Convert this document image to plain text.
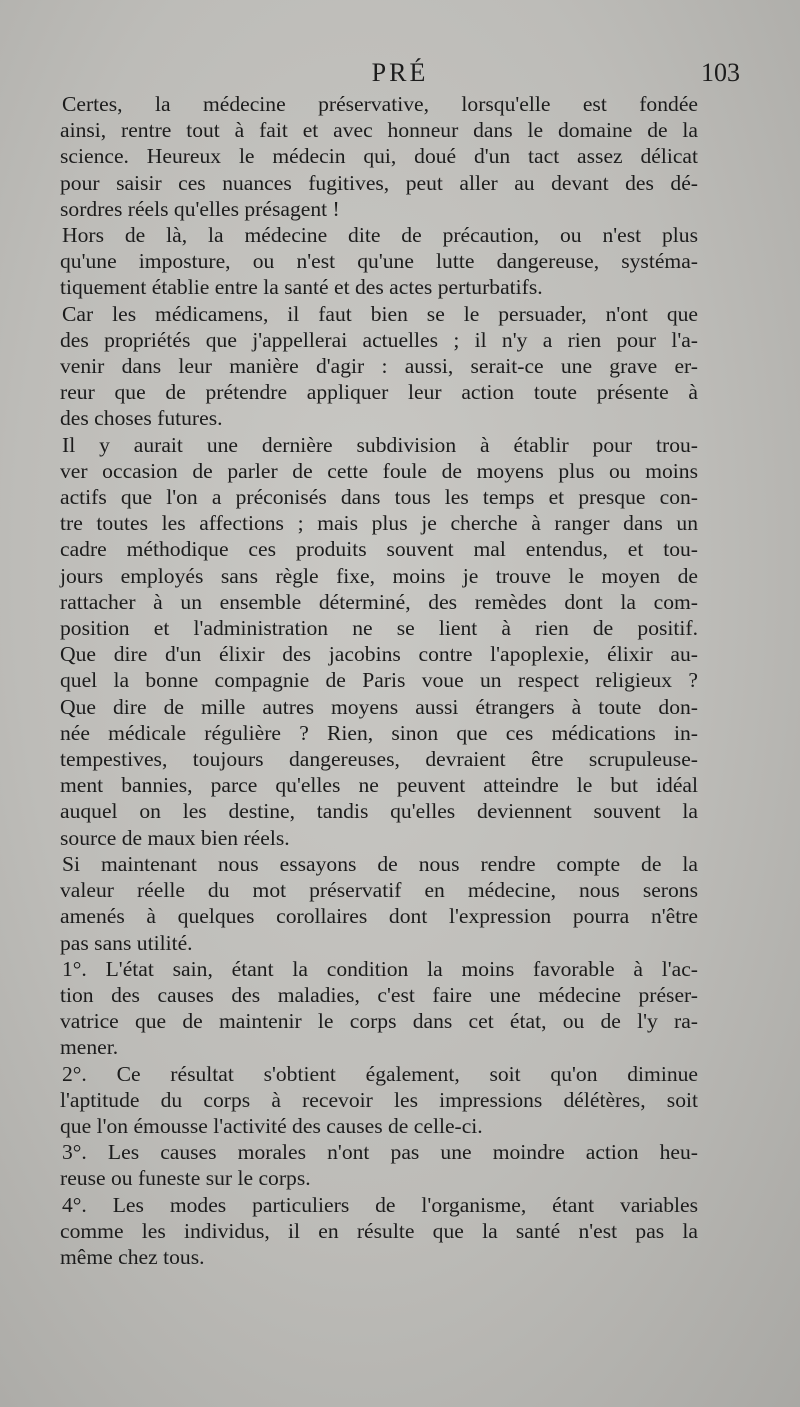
PRÉ	103
Certes, la médecine préservative, lorsqu'elle est fondée
ainsi, rentre tout à fait et avec honneur dans le domaine de la
science. Heureux le médecin qui, doué d'un tact assez délicat
pour saisir ces nuances fugitives, peut aller au devant des dé-
sordres réels qu'elles présagent !
Hors de là, la médecine dite de précaution, ou n'est plus
qu'une imposture, ou n'est qu'une lutte dangereuse, systéma-
tiquement établie entre la santé et des actes perturbatifs.
Car les médicamens, il faut bien se le persuader, n'ont que
des propriétés que j'appellerai actuelles ; il n'y a rien pour l'a-
venir dans leur manière d'agir : aussi, serait-ce une grave er-
reur que de prétendre appliquer leur action toute présente à
des choses futures.
Il y aurait une dernière subdivision à établir pour trou-
ver occasion de parler de cette foule de moyens plus ou moins
actifs que l'on a préconisés dans tous les temps et presque con-
tre toutes les affections ; mais plus je cherche à ranger dans un
cadre méthodique ces produits souvent mal entendus, et tou-
jours employés sans règle fixe, moins je trouve le moyen de
rattacher à un ensemble déterminé, des remèdes dont la com-
position et l'administration ne se lient à rien de positif.
Que dire d'un élixir des jacobins contre l'apoplexie, élixir au-
quel la bonne compagnie de Paris voue un respect religieux ?
Que dire de mille autres moyens aussi étrangers à toute don-
née médicale régulière ? Rien, sinon que ces médications in-
tempestives, toujours dangereuses, devraient être scrupuleuse-
ment bannies, parce qu'elles ne peuvent atteindre le but idéal
auquel on les destine, tandis qu'elles deviennent souvent la
source de maux bien réels.
Si maintenant nous essayons de nous rendre compte de la
valeur réelle du mot préservatif en médecine, nous serons
amenés à quelques corollaires dont l'expression pourra n'être
pas sans utilité.
1°. L'état sain, étant la condition la moins favorable à l'ac-
tion des causes des maladies, c'est faire une médecine préser-
vatrice que de maintenir le corps dans cet état, ou de l'y ra-
mener.
2°. Ce résultat s'obtient également, soit qu'on diminue
l'aptitude du corps à recevoir les impressions délétères, soit
que l'on émousse l'activité des causes de celle-ci.
3°. Les causes morales n'ont pas une moindre action heu-
reuse ou funeste sur le corps.
4°. Les modes particuliers de l'organisme, étant variables
comme les individus, il en résulte que la santé n'est pas la
même chez tous.
